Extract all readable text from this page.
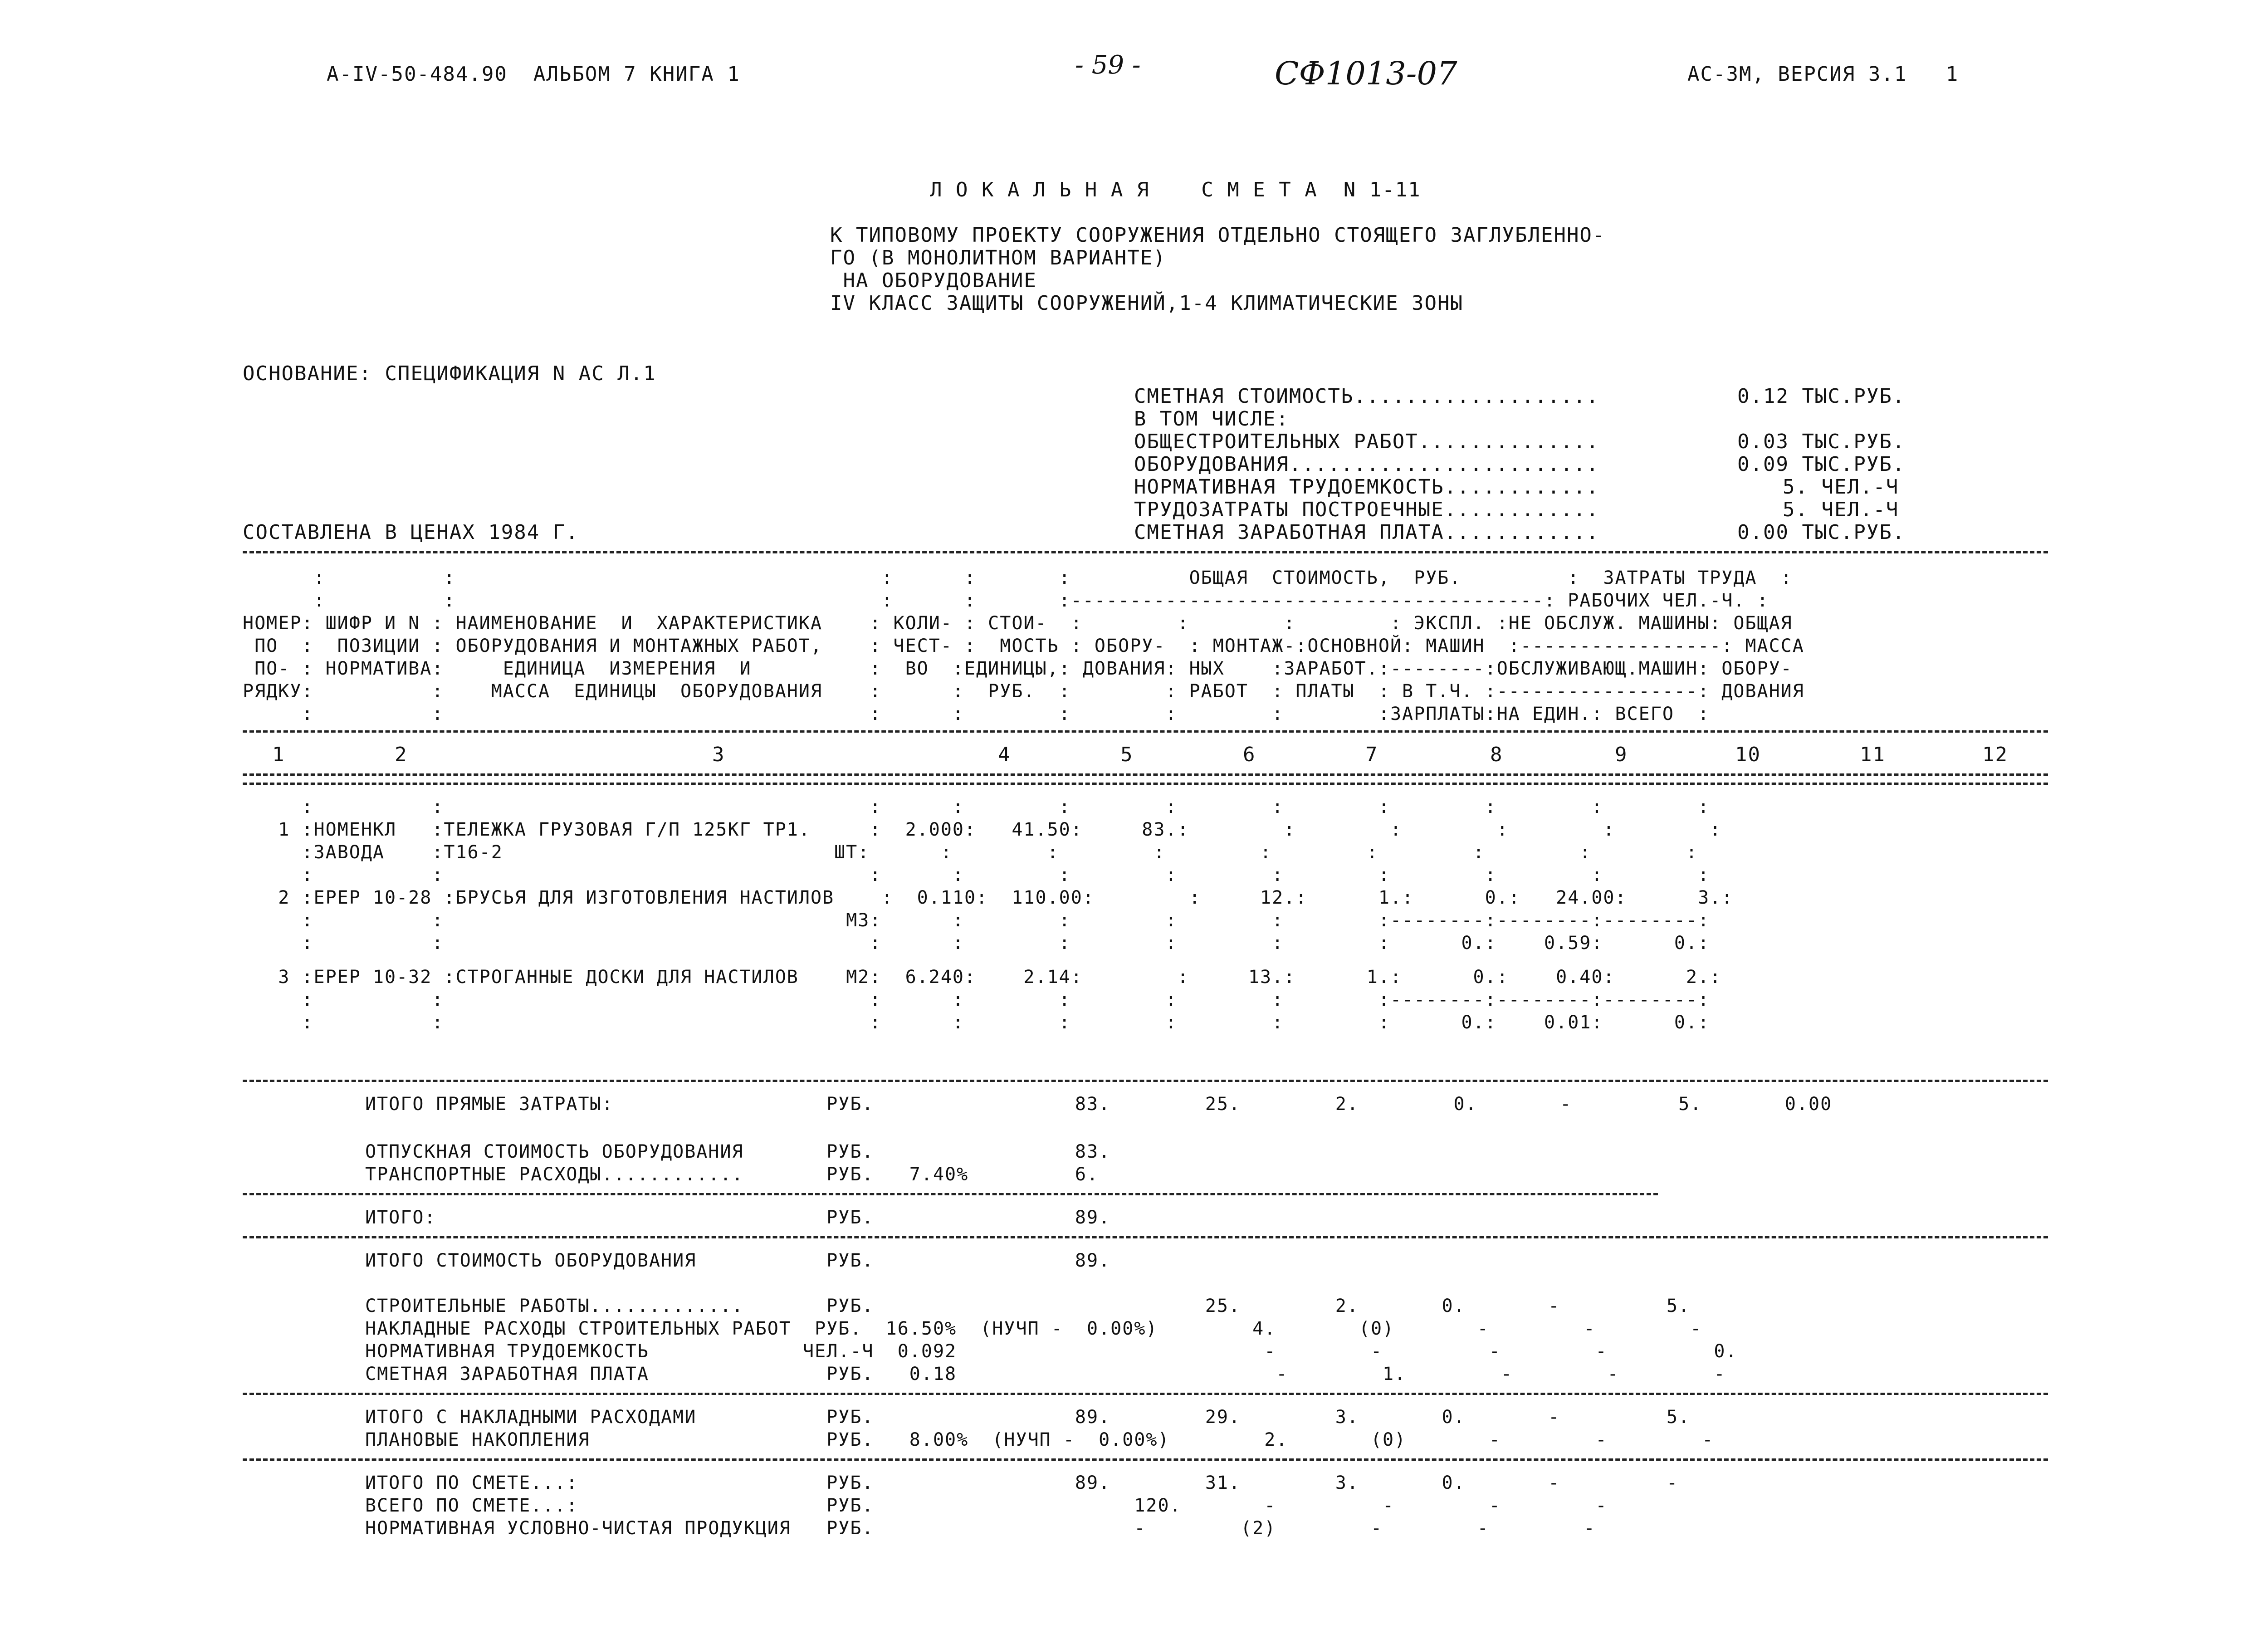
А-IV-50-484.90  АЛЬБОМ 7 КНИГА 1	- 59 -	СФ1013-07	АС-3М, ВЕРСИЯ 3.1   1
Л О К А Л Ь Н А Я    С М Е Т А  N 1-11
К ТИПОВОМУ ПРОЕКТУ СООРУЖЕНИЯ ОТДЕЛЬНО СТОЯЩЕГО ЗАГЛУБЛЕННО-
ГО (В МОНОЛИТНОМ ВАРИАНТЕ)
НА ОБОРУДОВАНИЕ
IV КЛАСС ЗАЩИТЫ СООРУЖЕНИЙ,1-4 КЛИМАТИЧЕСКИЕ ЗОНЫ
ОСНОВАНИЕ: СПЕЦИФИКАЦИЯ N АС Л.1
СОСТАВЛЕНА В ЦЕНАХ 1984 Г.
СМЕТНАЯ СТОИМОСТЬ...................	0.12 ТЫС.РУБ.
В ТОМ ЧИСЛЕ:
ОБЩЕСТРОИТЕЛЬНЫХ РАБОТ..............	0.03 ТЫС.РУБ.
ОБОРУДОВАНИЯ........................	0.09 ТЫС.РУБ.
НОРМАТИВНАЯ ТРУДОЕМКОСТЬ............	5. ЧЕЛ.-Ч
ТРУДОЗАТРАТЫ ПОСТРОЕЧНЫЕ............	5. ЧЕЛ.-Ч
СМЕТНАЯ ЗАРАБОТНАЯ ПЛАТА............	0.00 ТЫС.РУБ.
:          :                                    :      :       :          ОБЩАЯ  СТОИМОСТЬ,  РУБ.         :  ЗАТРАТЫ ТРУДА  :
:          :                                    :      :       :----------------------------------------: РАБОЧИХ ЧЕЛ.-Ч. :
НОМЕР: ШИФР И N : НАИМЕНОВАНИЕ  И  ХАРАКТЕРИСТИКА    : КОЛИ- : СТОИ-  :        :        :        : ЭКСПЛ. :НЕ ОБСЛУЖ. МАШИНЫ: ОБЩАЯ
ПО  :  ПОЗИЦИИ : ОБОРУДОВАНИЯ И МОНТАЖНЫХ РАБОТ,    : ЧЕСТ- :  МОСТЬ : ОБОРУ-  : МОНТАЖ-:ОСНОВНОЙ: МАШИН  :-----------------: МАССА
ПО- : НОРМАТИВА:     ЕДИНИЦА  ИЗМЕРЕНИЯ  И          :  ВО  :ЕДИНИЦЫ,: ДОВАНИЯ: НЫХ    :ЗАРАБОТ.:--------:ОБСЛУЖИВАЮЩ.МАШИН: ОБОРУ-
РЯДКУ:          :    МАССА  ЕДИНИЦЫ  ОБОРУДОВАНИЯ    :      :  РУБ.  :        : РАБОТ  : ПЛАТЫ  : В Т.Ч. :-----------------: ДОВАНИЯ
:          :                                    :      :        :        :        :        :ЗАРПЛАТЫ:НА ЕДИН.: ВСЕГО  :
1	2	3	4	5	6	7	8	9	10	11	12
:          :                                    :      :        :        :        :        :        :        :        :
1 :НОМЕНКЛ   :ТЕЛЕЖКА ГРУЗОВАЯ Г/П 125КГ ТР1.     :  2.000:   41.50:     83.:        :        :        :        :        :
:ЗАВОДА    :Т16-2                            ШТ:      :        :        :        :        :        :        :        :
:          :                                    :      :        :        :        :        :        :        :        :
2 :ЕРЕР 10-28 :БРУСЬЯ ДЛЯ ИЗГОТОВЛЕНИЯ НАСТИЛОВ    :  0.110:  110.00:        :     12.:      1.:      0.:   24.00:      3.:
:          :                                  М3:      :        :        :        :        :--------:--------:--------:
:          :                                    :      :        :        :        :        :      0.:    0.59:      0.:
3 :ЕРЕР 10-32 :СТРОГАННЫЕ ДОСКИ ДЛЯ НАСТИЛОВ    М2:  6.240:    2.14:        :     13.:      1.:      0.:    0.40:      2.:
:          :                                    :      :        :        :        :        :--------:--------:--------:
:          :                                    :      :        :        :        :        :      0.:    0.01:      0.:
ИТОГО ПРЯМЫЕ ЗАТРАТЫ:                  РУБ.                 83.        25.        2.        0.       -         5.       0.00
ОТПУСКНАЯ СТОИМОСТЬ ОБОРУДОВАНИЯ       РУБ.                 83.
ТРАНСПОРТНЫЕ РАСХОДЫ............       РУБ.   7.40%         6.
ИТОГО:                                 РУБ.                 89.
ИТОГО СТОИМОСТЬ ОБОРУДОВАНИЯ           РУБ.                 89.
СТРОИТЕЛЬНЫЕ РАБОТЫ.............       РУБ.                            25.        2.       0.       -         5.
НАКЛАДНЫЕ РАСХОДЫ СТРОИТЕЛЬНЫХ РАБОТ  РУБ.  16.50%  (НУЧП -  0.00%)        4.       (0)       -        -        -
НОРМАТИВНАЯ ТРУДОЕМКОСТЬ             ЧЕЛ.-Ч  0.092                          -        -         -        -         0.
СМЕТНАЯ ЗАРАБОТНАЯ ПЛАТА               РУБ.   0.18                           -        1.        -        -        -
ИТОГО С НАКЛАДНЫМИ РАСХОДАМИ           РУБ.                 89.        29.        3.       0.       -         5.
ПЛАНОВЫЕ НАКОПЛЕНИЯ                    РУБ.   8.00%  (НУЧП -  0.00%)        2.       (0)       -        -        -
ИТОГО ПО СМЕТЕ...:                     РУБ.                 89.        31.        3.       0.       -         -
ВСЕГО ПО СМЕТЕ...:                     РУБ.                      120.       -         -        -        -
НОРМАТИВНАЯ УСЛОВНО-ЧИСТАЯ ПРОДУКЦИЯ   РУБ.                      -        (2)        -        -        -
